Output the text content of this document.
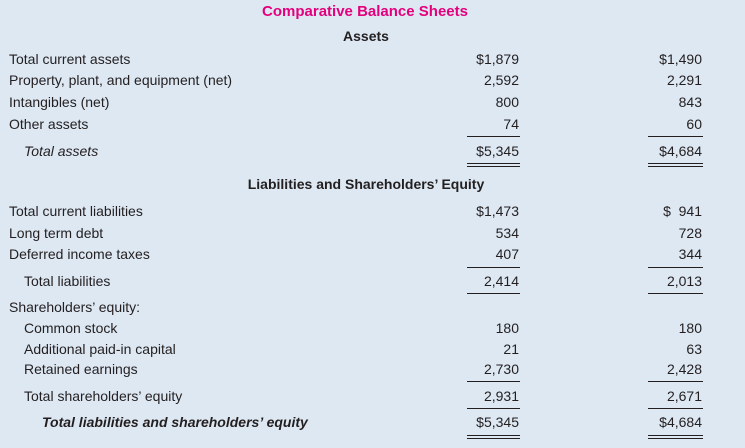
Comparative Balance Sheets
Assets
Total current assets	$1,879	$1,490
Property, plant, and equipment (net)	2,592	2,291
Intangibles (net)	800	843
Other assets	74	60
Total assets	$5,345	$4,684
Liabilities and Shareholders’ Equity
Total current liabilities	$1,473	$  941
Long term debt	534	728
Deferred income taxes	407	344
Total liabilities	2,414	2,013
Shareholders’ equity:
Common stock	180	180
Additional paid-in capital	21	63
Retained earnings	2,730	2,428
Total shareholders’ equity	2,931	2,671
Total liabilities and shareholders’ equity	$5,345	$4,684
